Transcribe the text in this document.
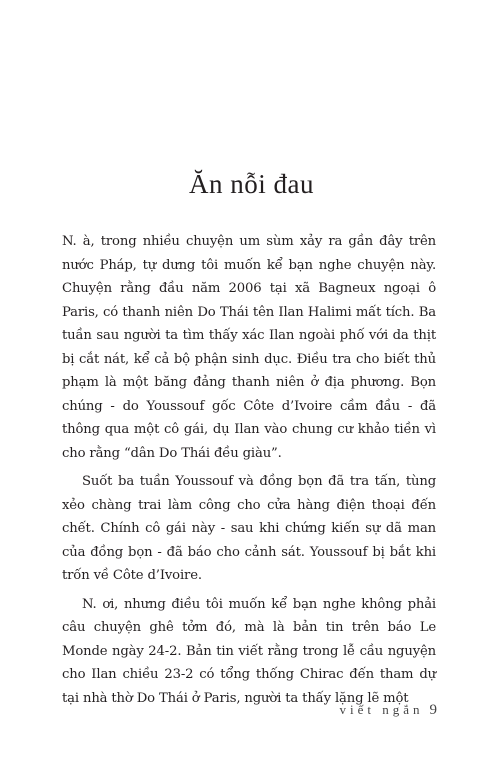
Ăn nỗi đau

N. à, trong nhiều chuyện um sùm xảy ra gần đây trên nước Pháp, tự dưng tôi muốn kể bạn nghe chuyện này. Chuyện rằng đầu năm 2006 tại xã Bagneux ngoại ô Paris, có thanh niên Do Thái tên Ilan Halimi mất tích. Ba tuần sau người ta tìm thấy xác Ilan ngoài phố với da thịt bị cắt nát, kể cả bộ phận sinh dục. Điều tra cho biết thủ phạm là một băng đảng thanh niên ở địa phương. Bọn chúng - do Youssouf gốc Côte d’Ivoire cầm đầu - đã thông qua một cô gái, dụ Ilan vào chung cư khảo tiền vì cho rằng “dân Do Thái đều giàu”.

Suốt ba tuần Youssouf và đồng bọn đã tra tấn, tùng xẻo chàng trai làm công cho cửa hàng điện thoại đến chết. Chính cô gái này - sau khi chứng kiến sự dã man của đồng bọn - đã báo cho cảnh sát. Youssouf bị bắt khi trốn về Côte d’Ivoire.

N. ơi, nhưng điều tôi muốn kể bạn nghe không phải câu chuyện ghê tởm đó, mà là bản tin trên báo Le Monde ngày 24-2. Bản tin viết rằng trong lễ cầu nguyện cho Ilan chiều 23-2 có tổng thống Chirac đến tham dự tại nhà thờ Do Thái ở Paris, người ta thấy lặng lẽ một

viết ngắn 9
